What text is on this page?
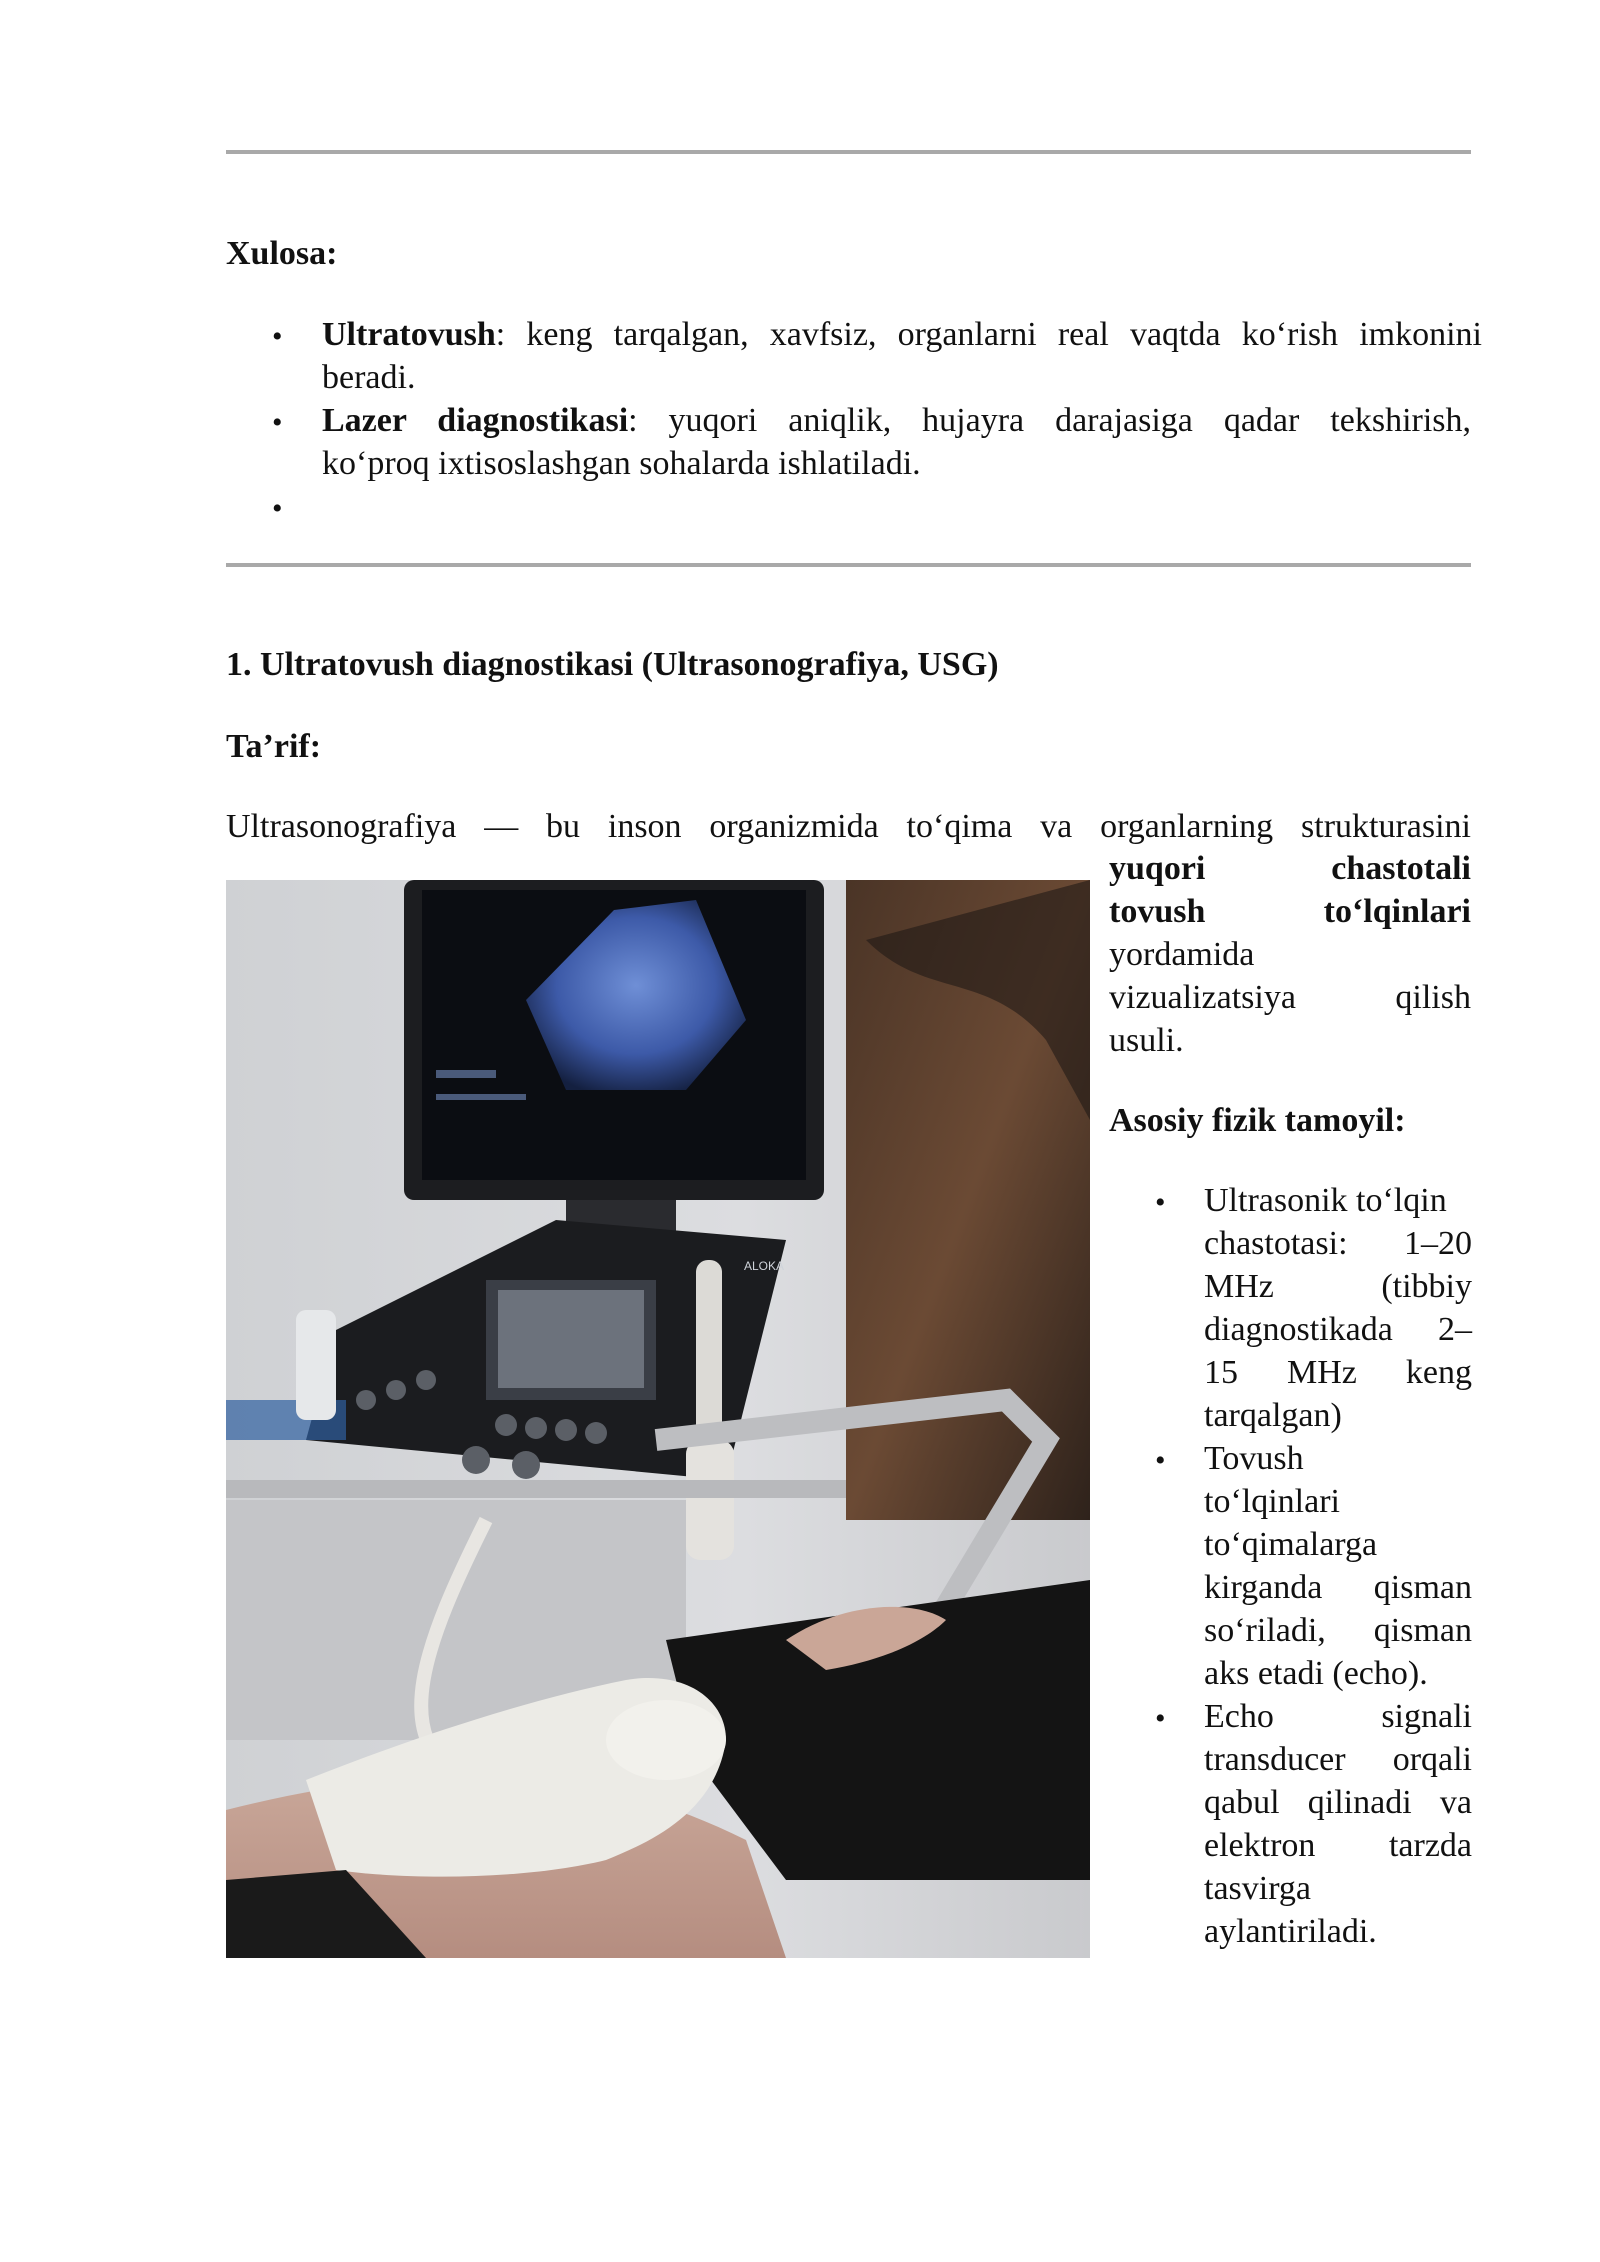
Xulosa:
• Ultratovush: keng tarqalgan, xavfsiz, organlarni real vaqtda ko‘rish imkonini
beradi.
• Lazer diagnostikasi: yuqori aniqlik, hujayra darajasiga qadar tekshirish,
ko‘proq ixtisoslashgan sohalarda ishlatiladi.
•
1. Ultratovush diagnostikasi (Ultrasonografiya, USG)
Ta’rif:
Ultrasonografiya — bu inson organizmida to‘qima va organlarning strukturasini
yuqori chastotali
tovush to‘lqinlari
yordamida
vizualizatsiya qilish
usuli.
Asosiy fizik tamoyil:
• Ultrasonik to‘lqin
chastotasi: 1–20
MHz (tibbiy
diagnostikada 2–
15 MHz keng
tarqalgan)
• Tovush
to‘lqinlari
to‘qimalarga
kirganda qisman
so‘riladi, qisman
aks etadi (echo).
• Echo signali
transducer orqali
qabul qilinadi va
elektron tarzda
tasvirga
aylantiriladi.
ALOKA
